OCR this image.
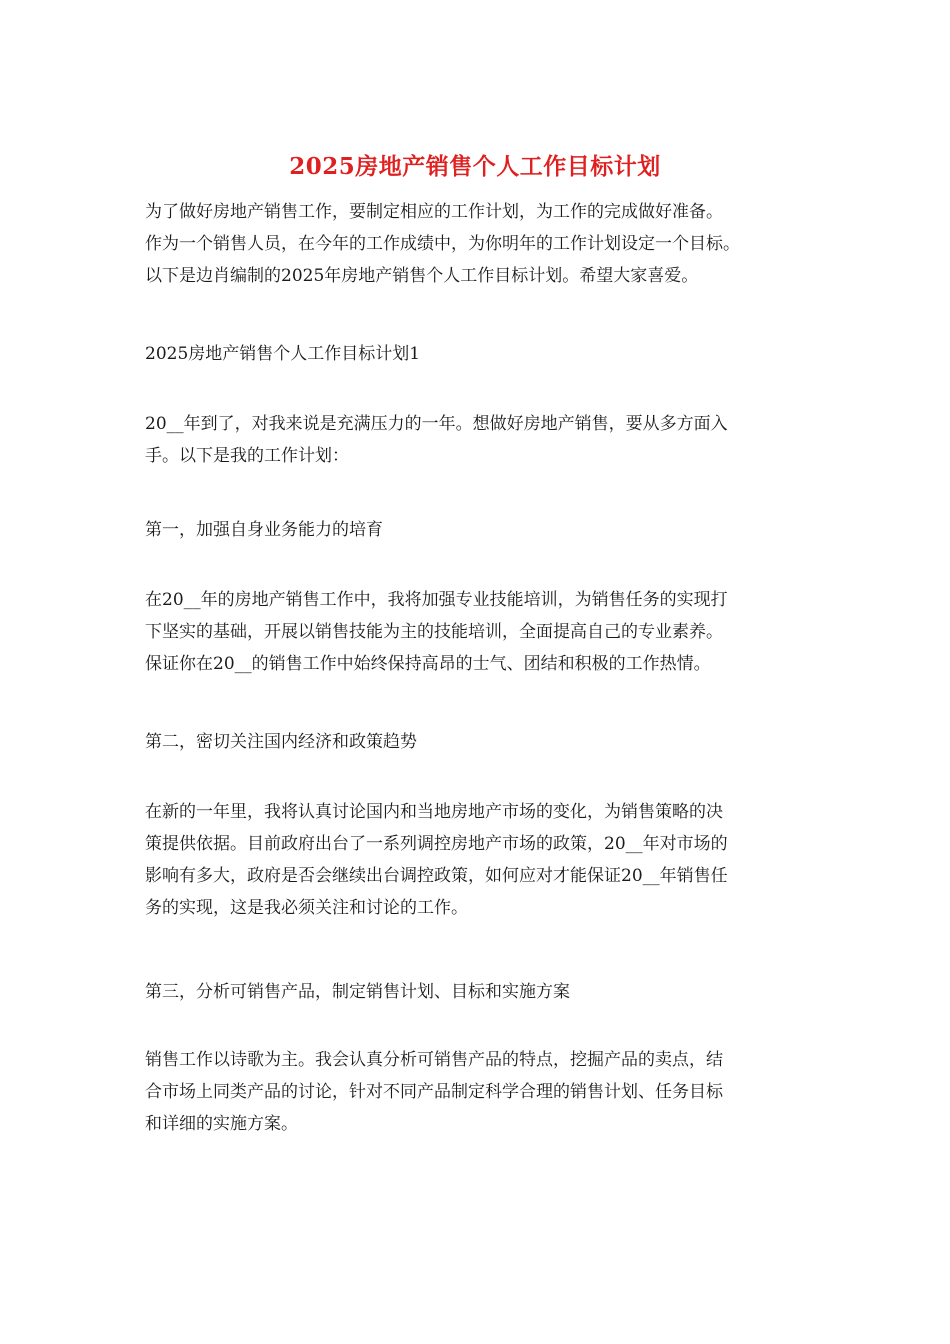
2025房地产销售个人工作目标计划
为了做好房地产销售工作，要制定相应的工作计划，为工作的完成做好准备。
作为一个销售人员，在今年的工作成绩中，为你明年的工作计划设定一个目标。
以下是边肖编制的2025年房地产销售个人工作目标计划。希望大家喜爱。
2025房地产销售个人工作目标计划1
20__年到了，对我来说是充满压力的一年。想做好房地产销售，要从多方面入
手。以下是我的工作计划：
第一，加强自身业务能力的培育
在20__年的房地产销售工作中，我将加强专业技能培训，为销售任务的实现打
下坚实的基础，开展以销售技能为主的技能培训，全面提高自己的专业素养。
保证你在20__的销售工作中始终保持高昂的士气、团结和积极的工作热情。
第二，密切关注国内经济和政策趋势
在新的一年里，我将认真讨论国内和当地房地产市场的变化，为销售策略的决
策提供依据。目前政府出台了一系列调控房地产市场的政策，20__年对市场的
影响有多大，政府是否会继续出台调控政策，如何应对才能保证20__年销售任
务的实现，这是我必须关注和讨论的工作。
第三，分析可销售产品，制定销售计划、目标和实施方案
销售工作以诗歌为主。我会认真分析可销售产品的特点，挖掘产品的卖点，结
合市场上同类产品的讨论，针对不同产品制定科学合理的销售计划、任务目标
和详细的实施方案。
